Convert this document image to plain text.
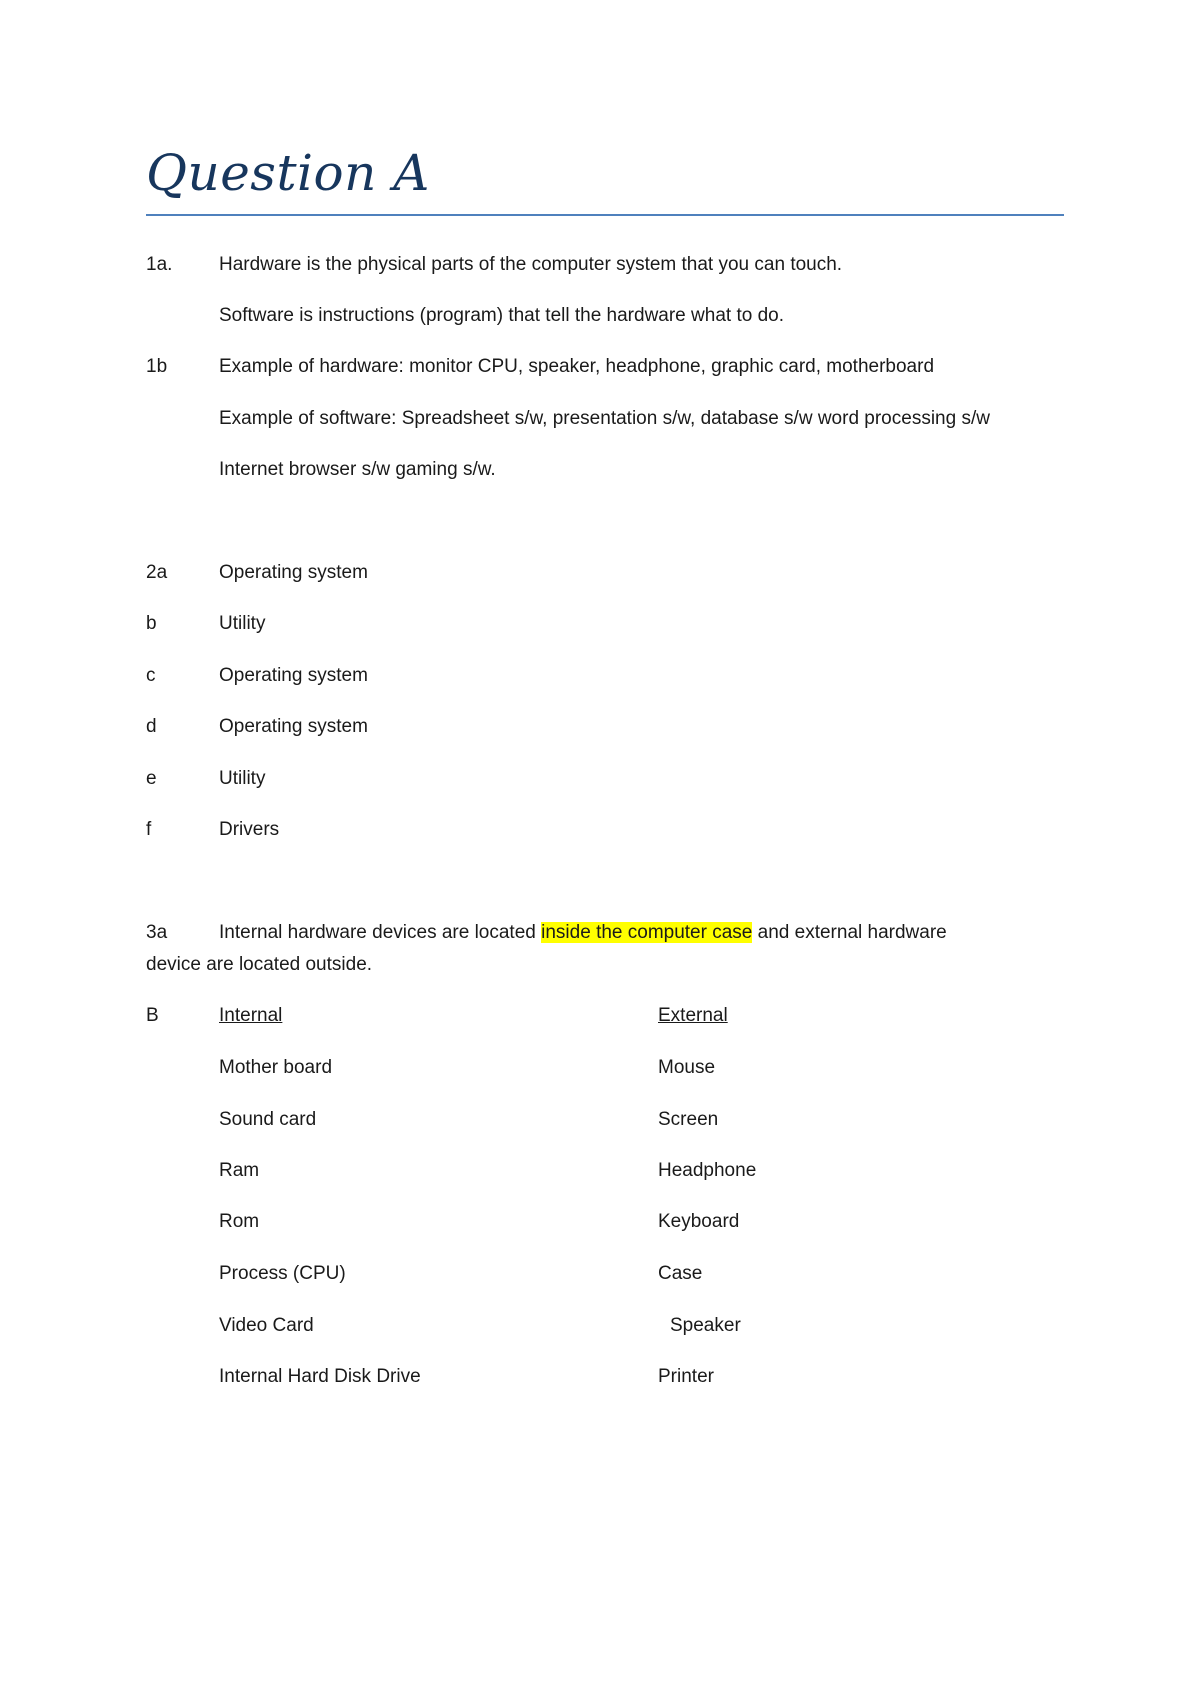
Question A
1a. Hardware is the physical parts of the computer system that you can touch.
Software is instructions (program) that tell the hardware what to do.
1b	Example of hardware: monitor CPU, speaker, headphone, graphic card, motherboard
Example of software: Spreadsheet s/w, presentation s/w, database s/w word processing s/w
Internet browser s/w gaming s/w.
2a	Operating system
b	Utility
c	Operating system
d	Operating system
e	Utility
f	Drivers
3a	Internal hardware devices are located inside the computer case and external hardware
device are located outside.
B	Internal	External
Mother board	Mouse
Sound card	Screen
Ram	Headphone
Rom	Keyboard
Process (CPU)	Case
Video Card	Speaker
Internal Hard Disk Drive	Printer
